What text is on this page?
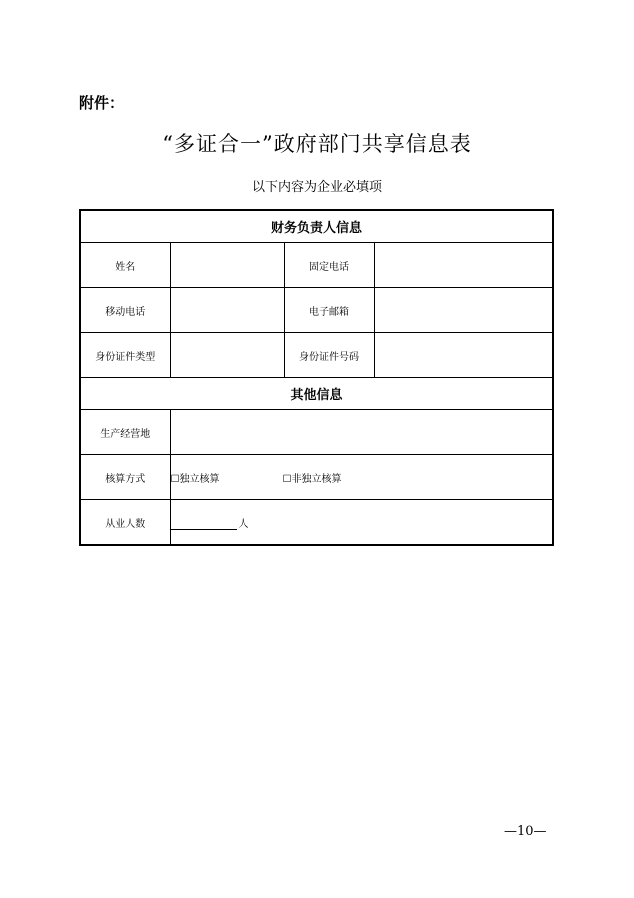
附件：
“多证合一”政府部门共享信息表
以下内容为企业必填项
财务负责人信息			
姓名		固定电话	
移动电话		电子邮箱	
身份证件类型		身份证件号码	
其他信息			
生产经营地			
核算方式	☐独立核算 ☐非独立核算		
从业人数	人		
—10—
